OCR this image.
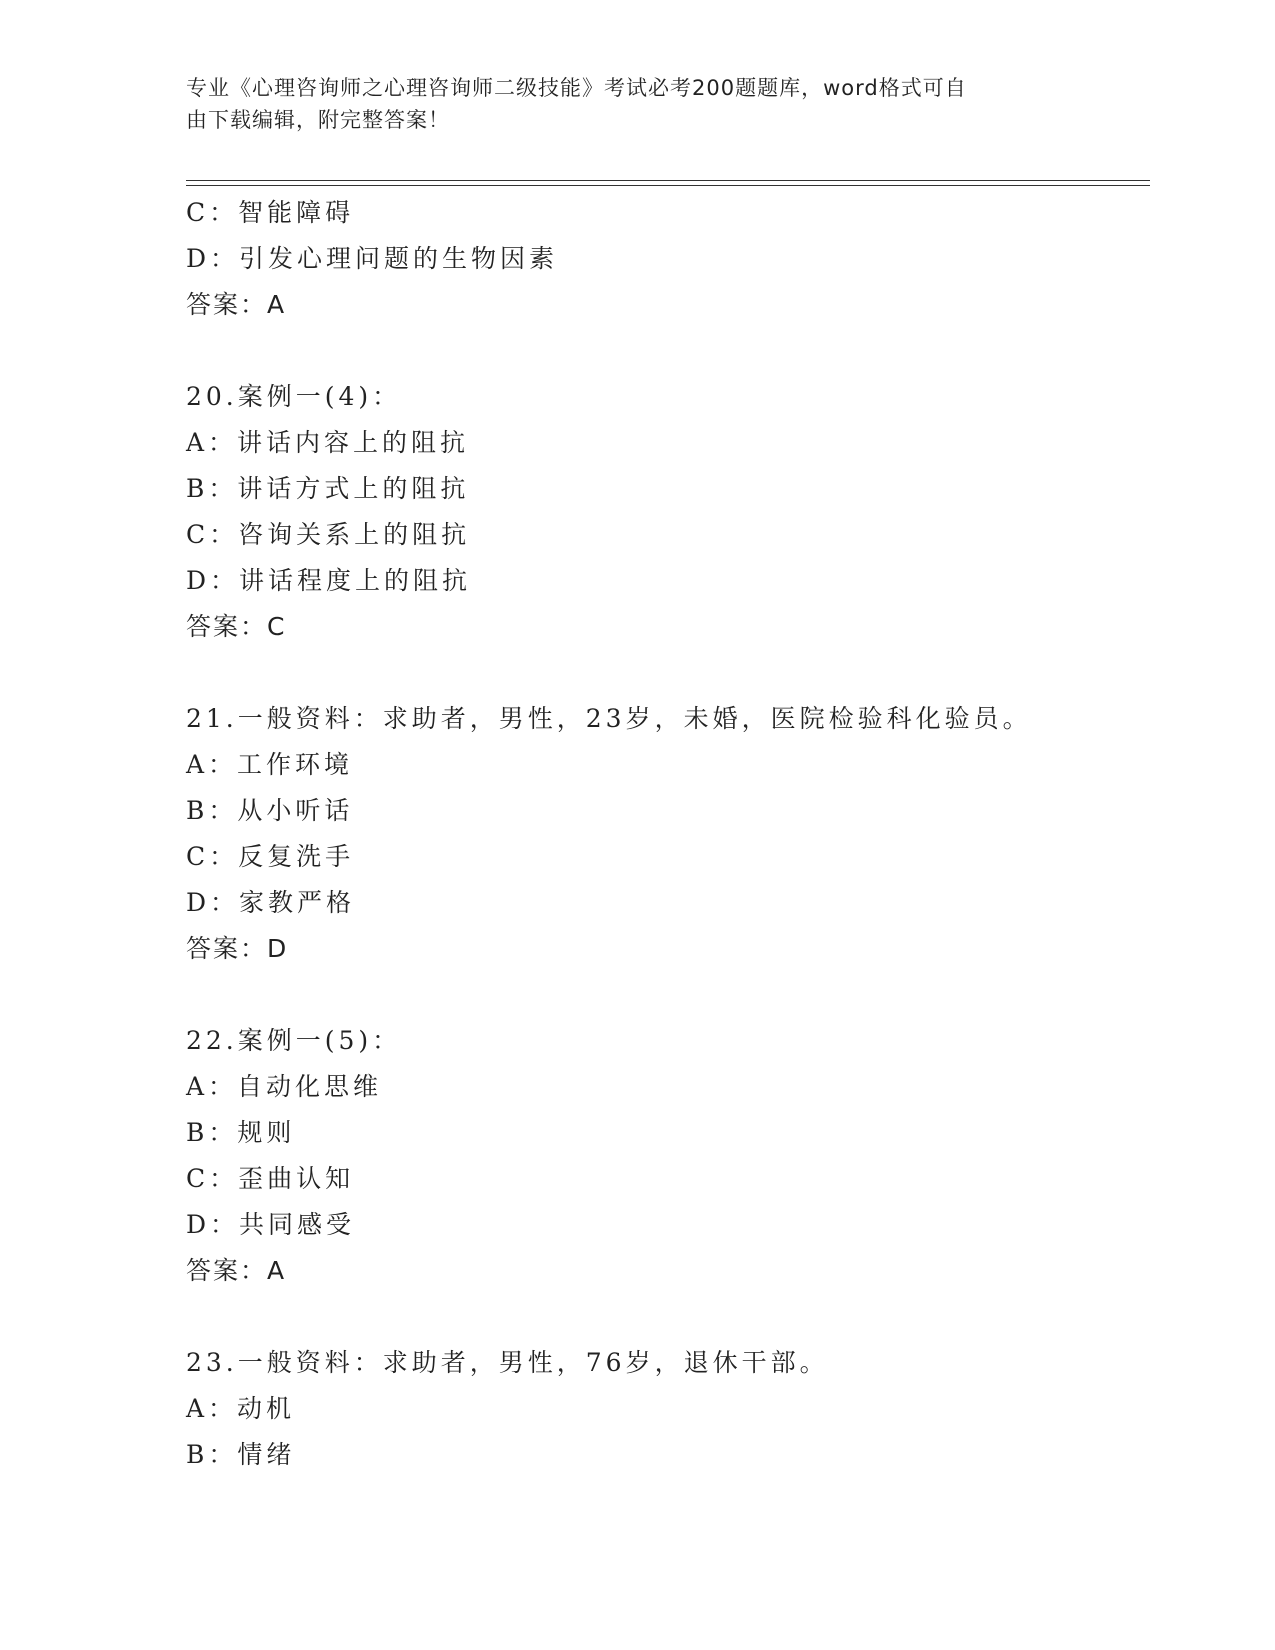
专业《心理咨询师之心理咨询师二级技能》考试必考200题题库，word格式可自

由下载编辑，附完整答案！

C：智能障碍
D：引发心理问题的生物因素
答案：A
20.案例一(4)：
A：讲话内容上的阻抗
B：讲话方式上的阻抗
C：咨询关系上的阻抗
D：讲话程度上的阻抗
答案：C
21.一般资料：求助者，男性，23岁，未婚，医院检验科化验员。
A：工作环境
B：从小听话
C：反复洗手
D：家教严格
答案：D
22.案例一(5)：
A：自动化思维
B：规则
C：歪曲认知
D：共同感受
答案：A
23.一般资料：求助者，男性，76岁，退休干部。
A：动机
B：情绪
